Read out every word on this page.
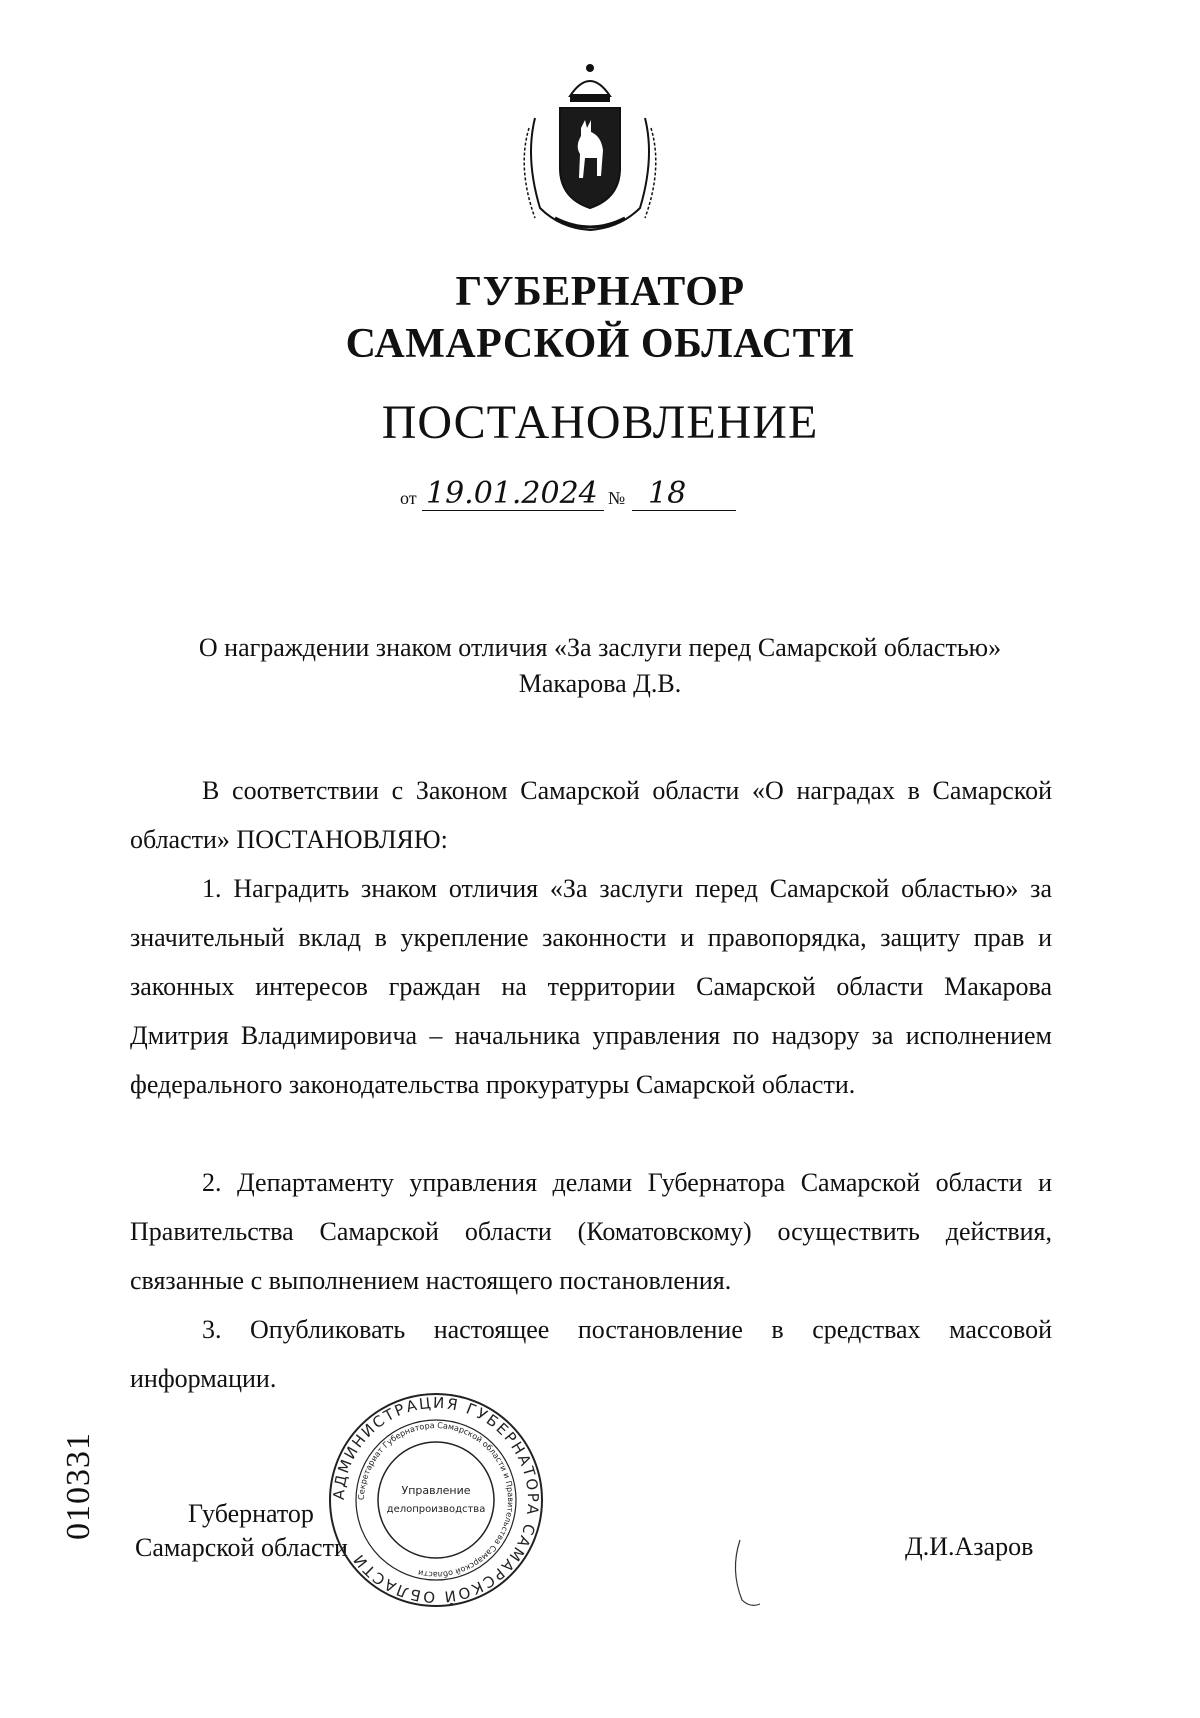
ГУБЕРНАТОР
САМАРСКОЙ ОБЛАСТИ
ПОСТАНОВЛЕНИЕ
от 19.01.2024 № 18
О награждении знаком отличия «За заслуги перед Самарской областью»
Макарова Д.В.
В соответствии с Законом Самарской области «О наградах в Самарской области» ПОСТАНОВЛЯЮ:
1. Наградить знаком отличия «За заслуги перед Самарской областью» за значительный вклад в укрепление законности и правопорядка, защиту прав и законных интересов граждан на территории Самарской области Макарова Дмитрия Владимировича – начальника управления по надзору за исполнением федерального законодательства прокуратуры Самарской области.
2. Департаменту управления делами Губернатора Самарской области и Правительства Самарской области (Коматовскому) осуществить действия, связанные с выполнением настоящего постановления.
3. Опубликовать настоящее постановление в средствах массовой информации.
010331	Губернатор
Самарской области	Д.И.Азаров
АДМИНИСТРАЦИЯ ГУБЕРНАТОРА САМАРСКОЙ ОБЛАСТИ
Секретариат Губернатора Самарской области и Правительства Самарской области
Управление
делопроизводства
